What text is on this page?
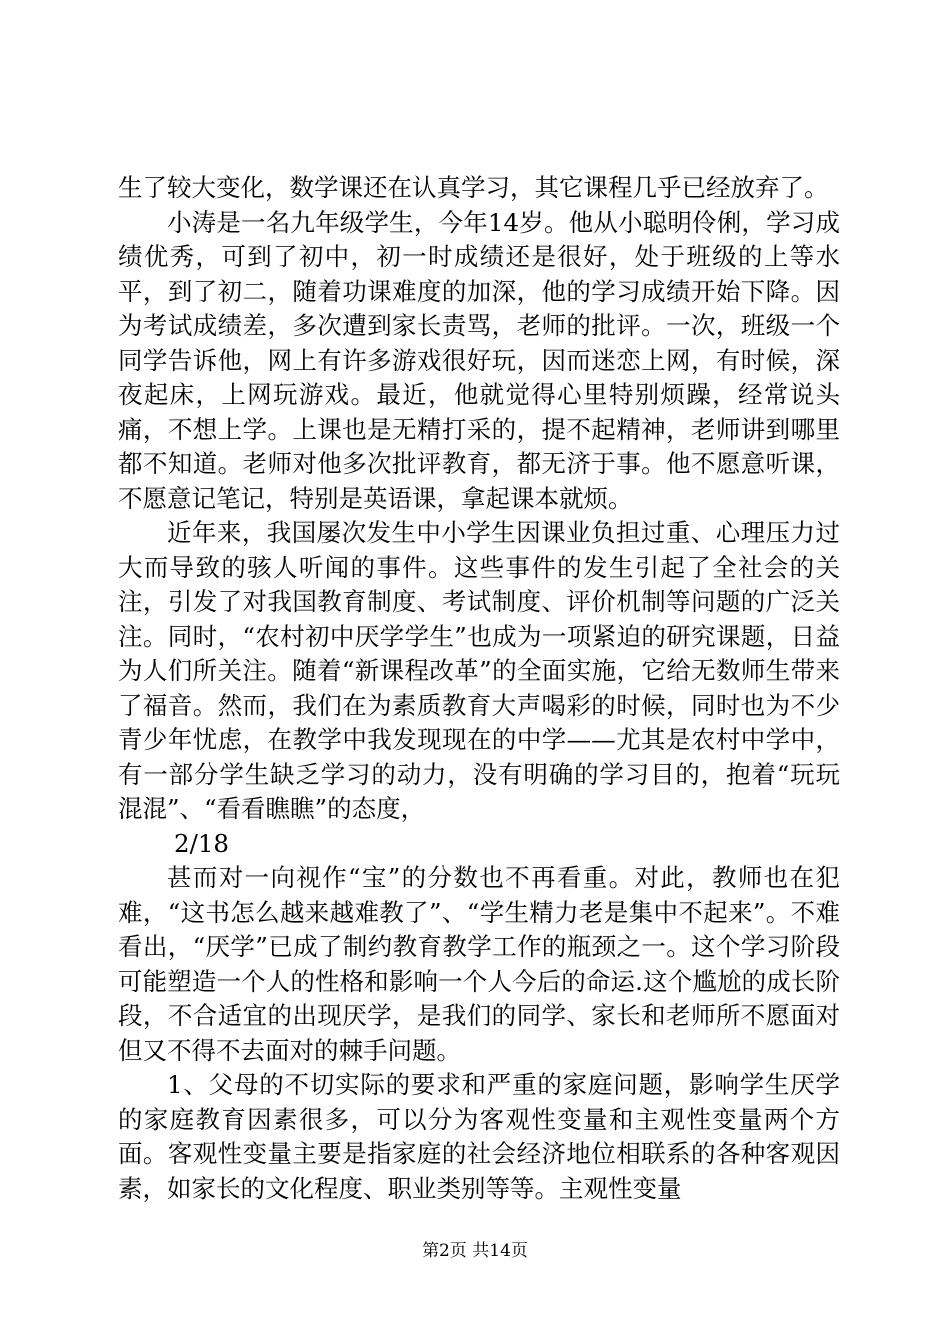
生了较大变化，数学课还在认真学习，其它课程几乎已经放弃了。

小涛是一名九年级学生，今年14岁。他从小聪明伶俐，学习成绩优秀，可到了初中，初一时成绩还是很好，处于班级的上等水平，到了初二，随着功课难度的加深，他的学习成绩开始下降。因为考试成绩差，多次遭到家长责骂，老师的批评。一次，班级一个同学告诉他，网上有许多游戏很好玩，因而迷恋上网，有时候，深夜起床，上网玩游戏。最近，他就觉得心里特别烦躁，经常说头痛，不想上学。上课也是无精打采的，提不起精神，老师讲到哪里都不知道。老师对他多次批评教育，都无济于事。他不愿意听课，不愿意记笔记，特别是英语课，拿起课本就烦。

近年来，我国屡次发生中小学生因课业负担过重、心理压力过大而导致的骇人听闻的事件。这些事件的发生引起了全社会的关注，引发了对我国教育制度、考试制度、评价机制等问题的广泛关注。同时，“农村初中厌学学生”也成为一项紧迫的研究课题，日益为人们所关注。随着“新课程改革”的全面实施，它给无数师生带来了福音。然而，我们在为素质教育大声喝彩的时候，同时也为不少青少年忧虑，在教学中我发现现在的中学——尤其是农村中学中，有一部分学生缺乏学习的动力，没有明确的学习目的，抱着“玩玩混混”、“看看瞧瞧”的态度，

2/18

甚而对一向视作“宝”的分数也不再看重。对此，教师也在犯难，“这书怎么越来越难教了”、“学生精力老是集中不起来”。不难看出，“厌学”已成了制约教育教学工作的瓶颈之一。这个学习阶段可能塑造一个人的性格和影响一个人今后的命运.这个尴尬的成长阶段，不合适宜的出现厌学，是我们的同学、家长和老师所不愿面对但又不得不去面对的棘手问题。

1、父母的不切实际的要求和严重的家庭问题，影响学生厌学的家庭教育因素很多，可以分为客观性变量和主观性变量两个方面。客观性变量主要是指家庭的社会经济地位相联系的各种客观因素，如家长的文化程度、职业类别等等。主观性变量

第2页 共14页
